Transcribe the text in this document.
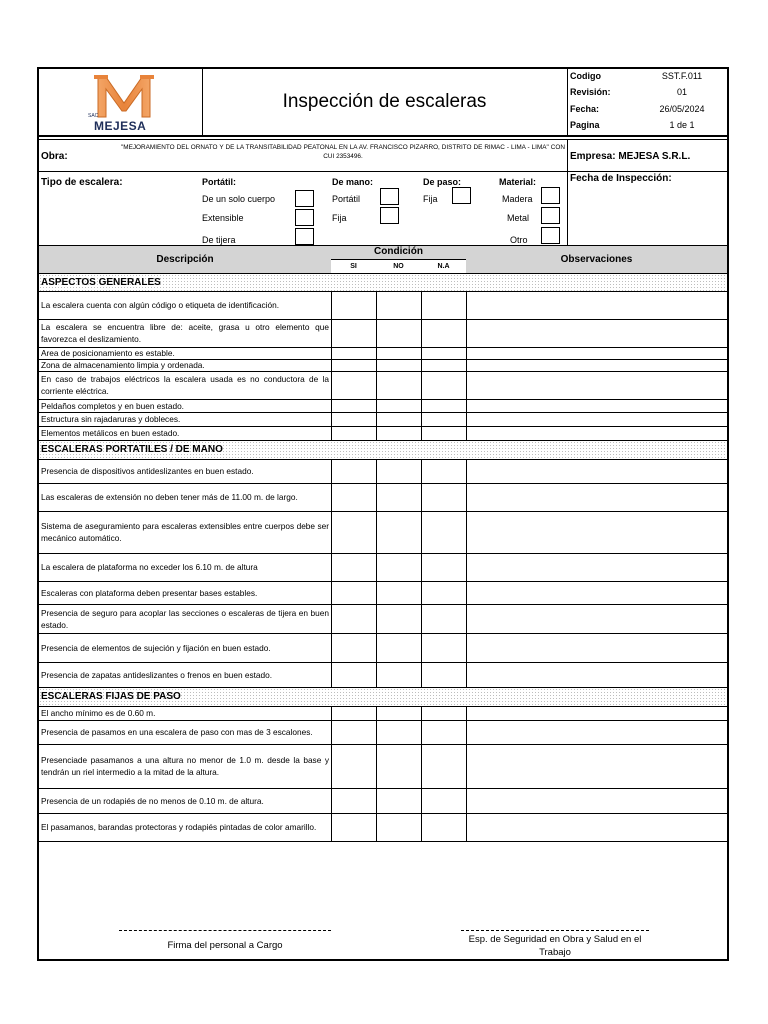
SAC
MEJESA
Inspección de escaleras
Codigo	SST.F.011
Revisión:	01
Fecha:	26/05/2024
Pagina	1 de 1
Obra:
"MEJORAMIENTO DEL ORNATO Y DE LA TRANSITABILIDAD PEATONAL EN LA AV. FRANCISCO PIZARRO, DISTRITO DE RIMAC - LIMA - LIMA" CON CUI 2353496.	Empresa: MEJESA S.R.L.
Tipo de escalera:	Portátil:
De un solo cuerpo
Extensible
De tijera
De mano:
Portátil
Fija
De paso:
Fija
Material:
Madera
Metal
Otro
Fecha de Inspección:
Descripción
Condición
SI	NO	N.A
Observaciones
ASPECTOS GENERALES
La escalera cuenta con algún código o etiqueta de identificación.
La escalera se encuentra libre de: aceite, grasa u otro elemento que favorezca el deslizamiento.
Area de posicionamiento es estable.
Zona de almacenamiento limpia y ordenada.
En caso de trabajos eléctricos la escalera usada es no conductora de la corriente eléctrica.
Peldaños completos y en buen estado.
Estructura sin rajadaruras y dobleces.
Elementos metálicos en buen estado.
ESCALERAS PORTATILES / DE MANO
Presencia de dispositivos antideslizantes en buen estado.
Las escaleras de extensión no deben tener más de 11.00 m. de largo.
Sistema de aseguramiento para escaleras extensibles entre cuerpos debe ser mecánico automático.
La escalera de plataforma no exceder los 6.10 m. de altura
Escaleras con plataforma deben presentar bases estables.
Presencia de seguro para acoplar las secciones o escaleras de tijera en buen estado.
Presencia de elementos de sujeción y fijación en buen estado.
Presencia de zapatas antideslizantes o frenos en buen estado.
ESCALERAS FIJAS DE PASO
El ancho mínimo es de 0.60 m.
Presencia de pasamos en una escalera de paso con mas de 3 escalones.
Presenciade pasamanos a una altura no menor de 1.0 m. desde la base y tendrán un riel intermedio a la mitad de la altura.
Presencia de un rodapiés de no menos de 0.10 m. de altura.
El pasamanos, barandas protectoras y rodapiés pintadas de color amarillo.
Firma del personal a Cargo
Esp. de Seguridad en Obra y Salud en el Trabajo
